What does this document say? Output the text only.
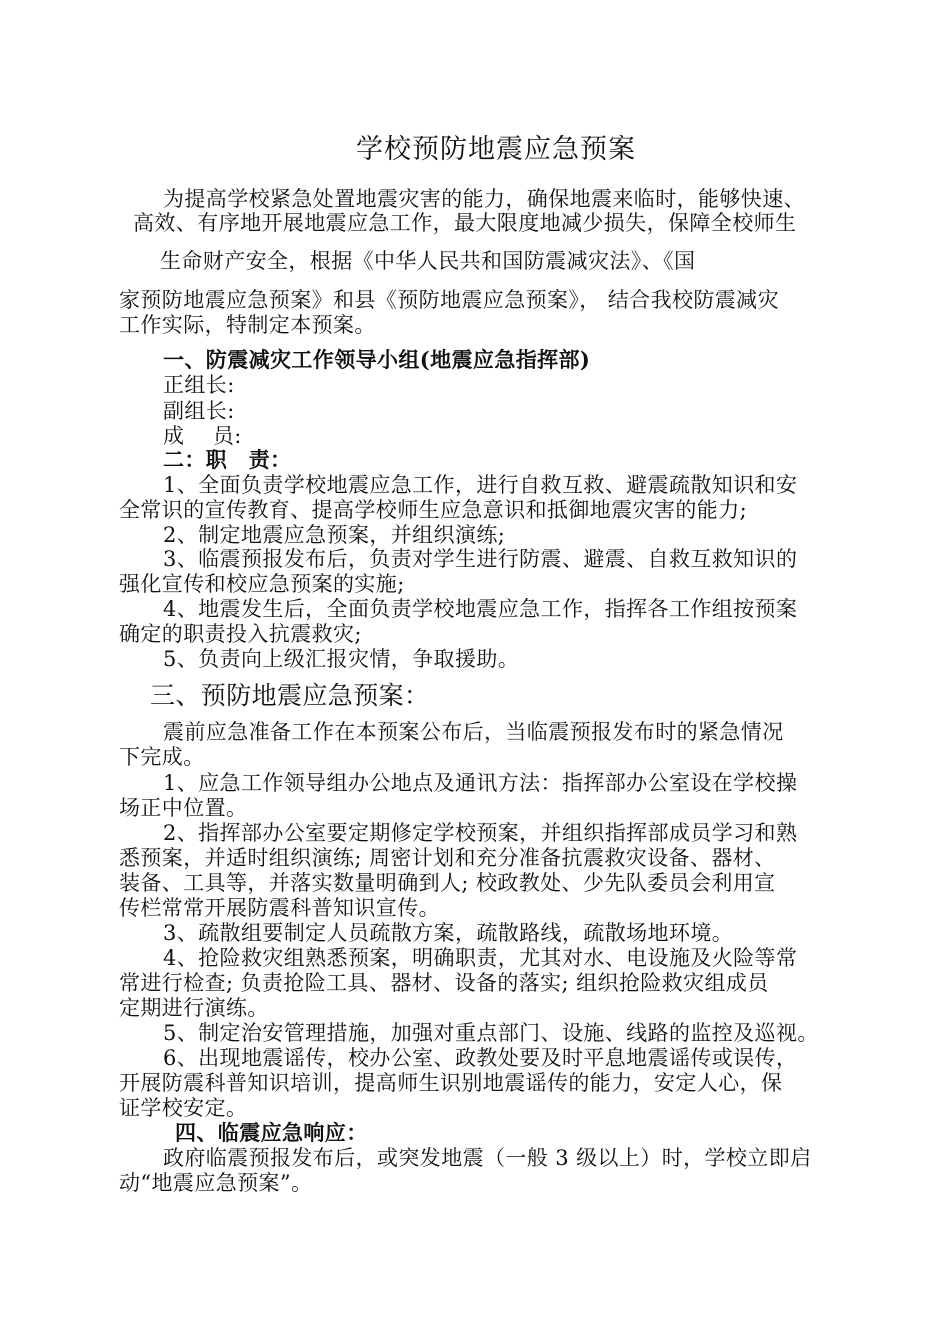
学校预防地震应急预案
为提高学校紧急处置地震灾害的能力，确保地震来临时，能够快速、
高效、有序地开展地震应急工作，最大限度地减少损失，保障全校师生
生命财产安全，根据《中华人民共和国防震减灾法》、《国
家预防地震应急预案》和县《预防地震应急预案》， 结合我校防震减灾
工作实际，特制定本预案。
一、防震减灾工作领导小组(地震应急指挥部)
正组长:
副组长:
成　 员:
二：职　责：
1、全面负责学校地震应急工作，进行自救互救、避震疏散知识和安
全常识的宣传教育、提高学校师生应急意识和抵御地震灾害的能力;
2、制定地震应急预案，并组织演练;
3、临震预报发布后，负责对学生进行防震、避震、自救互救知识的
强化宣传和校应急预案的实施;
4、地震发生后，全面负责学校地震应急工作，指挥各工作组按预案
确定的职责投入抗震救灾;
5、负责向上级汇报灾情，争取援助。
三、预防地震应急预案：
震前应急准备工作在本预案公布后，当临震预报发布时的紧急情况
下完成。
1、应急工作领导组办公地点及通讯方法：指挥部办公室设在学校操
场正中位置。
2、指挥部办公室要定期修定学校预案，并组织指挥部成员学习和熟
悉预案，并适时组织演练; 周密计划和充分准备抗震救灾设备、器材、
装备、工具等，并落实数量明确到人; 校政教处、少先队委员会利用宣
传栏常常开展防震科普知识宣传。
3、疏散组要制定人员疏散方案，疏散路线，疏散场地环境。
4、抢险救灾组熟悉预案，明确职责，尤其对水、电设施及火险等常
常进行检查; 负责抢险工具、器材、设备的落实; 组织抢险救灾组成员
定期进行演练。
5、制定治安管理措施，加强对重点部门、设施、线路的监控及巡视。
6、出现地震谣传，校办公室、政教处要及时平息地震谣传或误传，
开展防震科普知识培训，提高师生识别地震谣传的能力，安定人心，保
证学校安定。
四、临震应急响应：
政府临震预报发布后，或突发地震（一般 3 级以上）时，学校立即启
动“地震应急预案”。
